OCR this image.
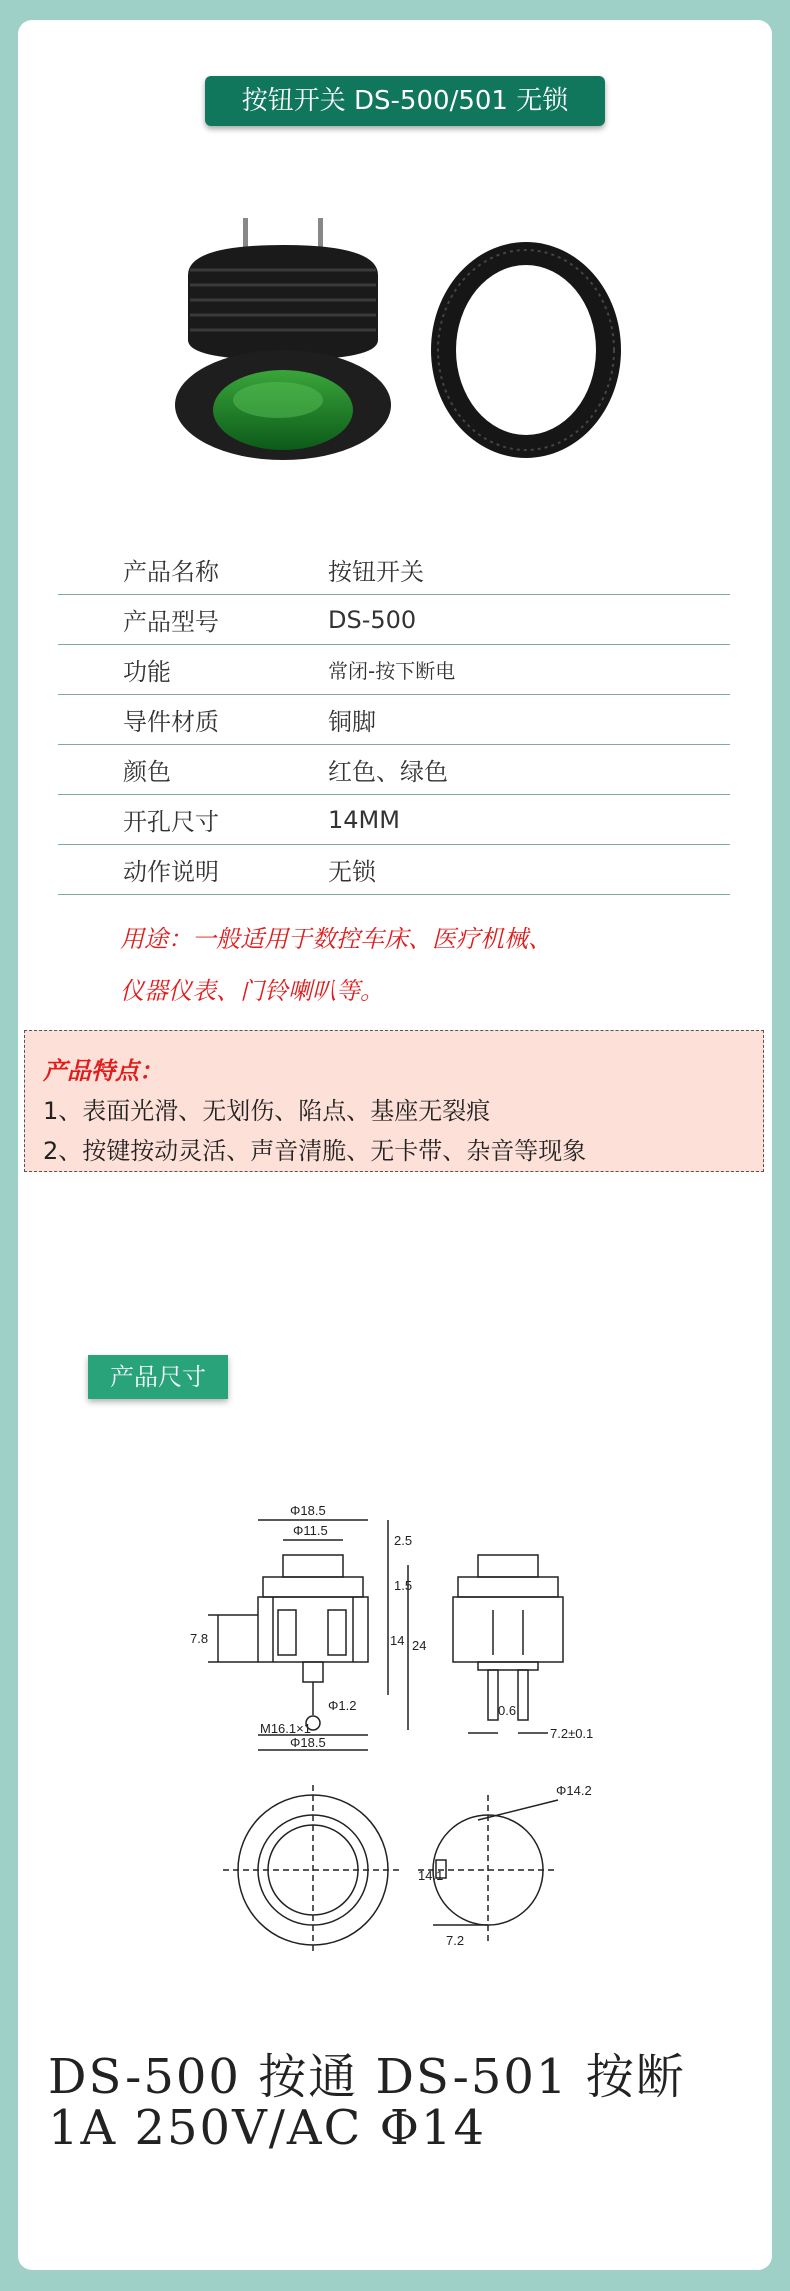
按钮开关 DS-500/501 无锁
产品名称	按钮开关
产品型号	DS-500
功能	常闭-按下断电
导件材质	铜脚
颜色	红色、绿色
开孔尺寸	14MM
动作说明	无锁
用途：一般适用于数控车床、医疗机械、
仪器仪表、门铃喇叭等。
产品特点：
1、表面光滑、无划伤、陷点、基座无裂痕
2、按键按动灵活、声音清脆、无卡带、杂音等现象
产品尺寸
Φ18.5
Φ11.5
2.5
1.5
7.8	14 24
Φ1.2
M16.1×1
Φ18.5
0.6
7.2±0.1
Φ14.2
14.1
7.2
DS-500 按通 DS-501 按断
1A 250V/AC Φ14
